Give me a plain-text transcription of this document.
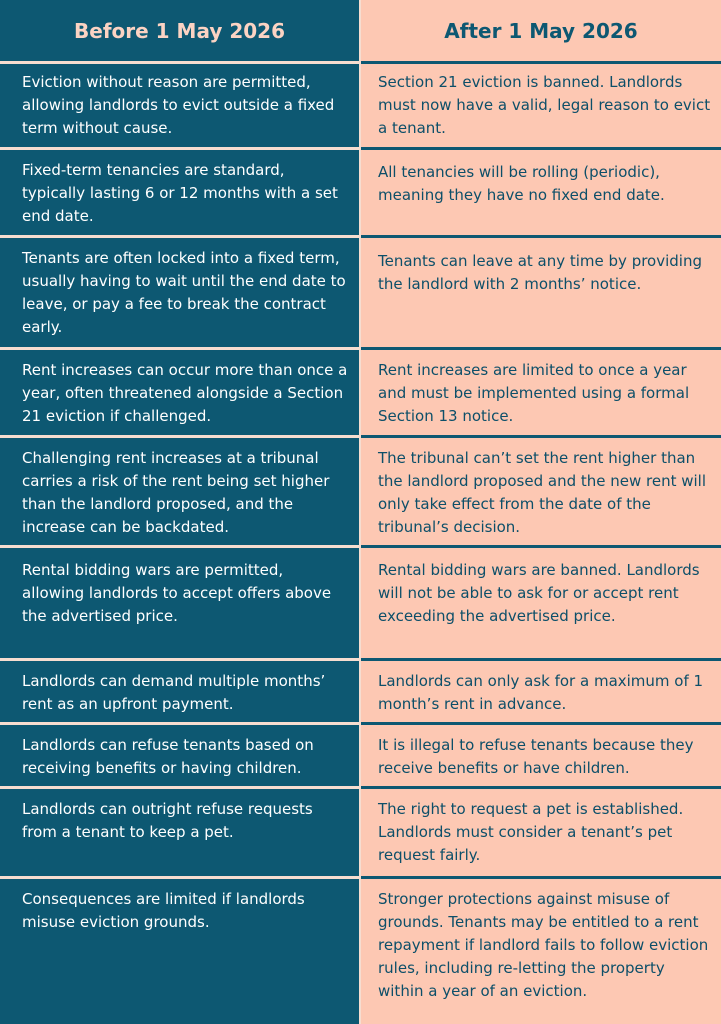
Before 1 May 2026	After 1 May 2026
Eviction without reason are permitted, allowing landlords to evict outside a fixed term without cause.
Section 21 eviction is banned. Landlords must now have a valid, legal reason to evict a tenant.
Fixed-term tenancies are standard, typically lasting 6 or 12 months with a set end date.
All tenancies will be rolling (periodic), meaning they have no fixed end date.
Tenants are often locked into a fixed term, usually having to wait until the end date to leave, or pay a fee to break the contract early.
Tenants can leave at any time by providing the landlord with 2 months’ notice.
Rent increases can occur more than once a year, often threatened alongside a Section 21 eviction if challenged.
Rent increases are limited to once a year and must be implemented using a formal Section 13 notice.
Challenging rent increases at a tribunal carries a risk of the rent being set higher than the landlord proposed, and the increase can be backdated.
The tribunal can’t set the rent higher than the landlord proposed and the new rent will only take effect from the date of the tribunal’s decision.
Rental bidding wars are permitted, allowing landlords to accept offers above the advertised price.
Rental bidding wars are banned. Landlords will not be able to ask for or accept rent exceeding the advertised price.
Landlords can demand multiple months’ rent as an upfront payment.
Landlords can only ask for a maximum of 1 month’s rent in advance.
Landlords can refuse tenants based on receiving benefits or having children.
It is illegal to refuse tenants because they receive benefits or have children.
Landlords can outright refuse requests from a tenant to keep a pet.
The right to request a pet is established. Landlords must consider a tenant’s pet request fairly.
Consequences are limited if landlords misuse eviction grounds.
Stronger protections against misuse of grounds. Tenants may be entitled to a rent repayment if landlord fails to follow eviction rules, including re-letting the property within a year of an eviction.
